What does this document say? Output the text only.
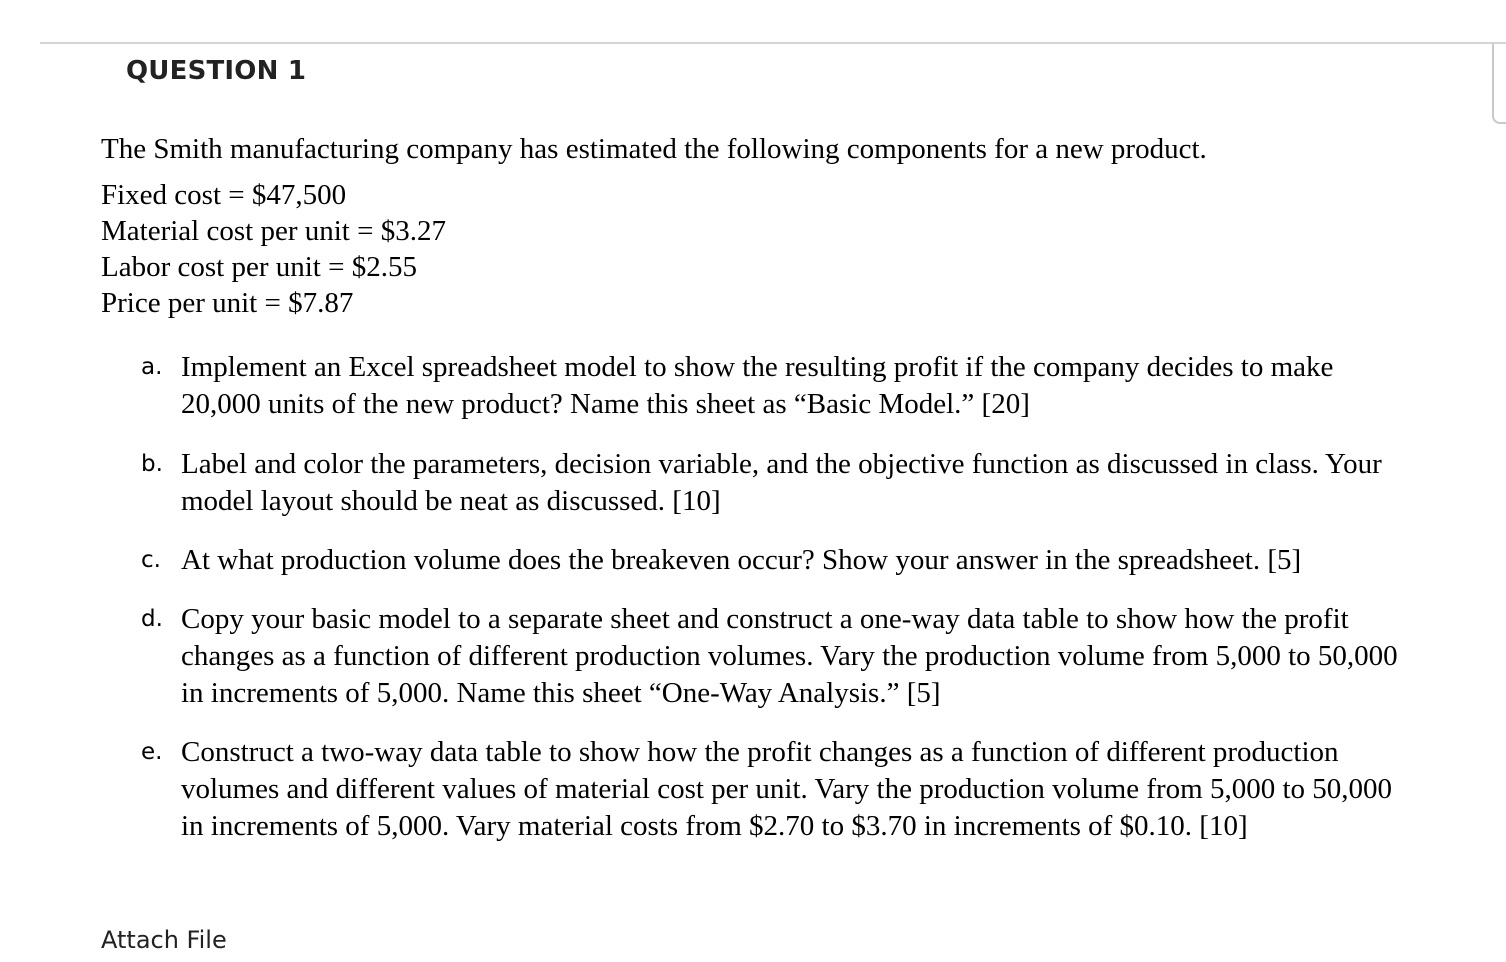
QUESTION 1
The Smith manufacturing company has estimated the following components for a new product.
Fixed cost = $47,500
Material cost per unit = $3.27
Labor cost per unit = $2.55
Price per unit = $7.87
a. Implement an Excel spreadsheet model to show the resulting profit if the company decides to make
20,000 units of the new product? Name this sheet as “Basic Model.” [20]
b. Label and color the parameters, decision variable, and the objective function as discussed in class. Your
model layout should be neat as discussed. [10]
c. At what production volume does the breakeven occur? Show your answer in the spreadsheet. [5]
d. Copy your basic model to a separate sheet and construct a one-way data table to show how the profit
changes as a function of different production volumes. Vary the production volume from 5,000 to 50,000
in increments of 5,000. Name this sheet “One-Way Analysis.” [5]
e. Construct a two-way data table to show how the profit changes as a function of different production
volumes and different values of material cost per unit. Vary the production volume from 5,000 to 50,000
in increments of 5,000. Vary material costs from $2.70 to $3.70 in increments of $0.10. [10]
Attach File
